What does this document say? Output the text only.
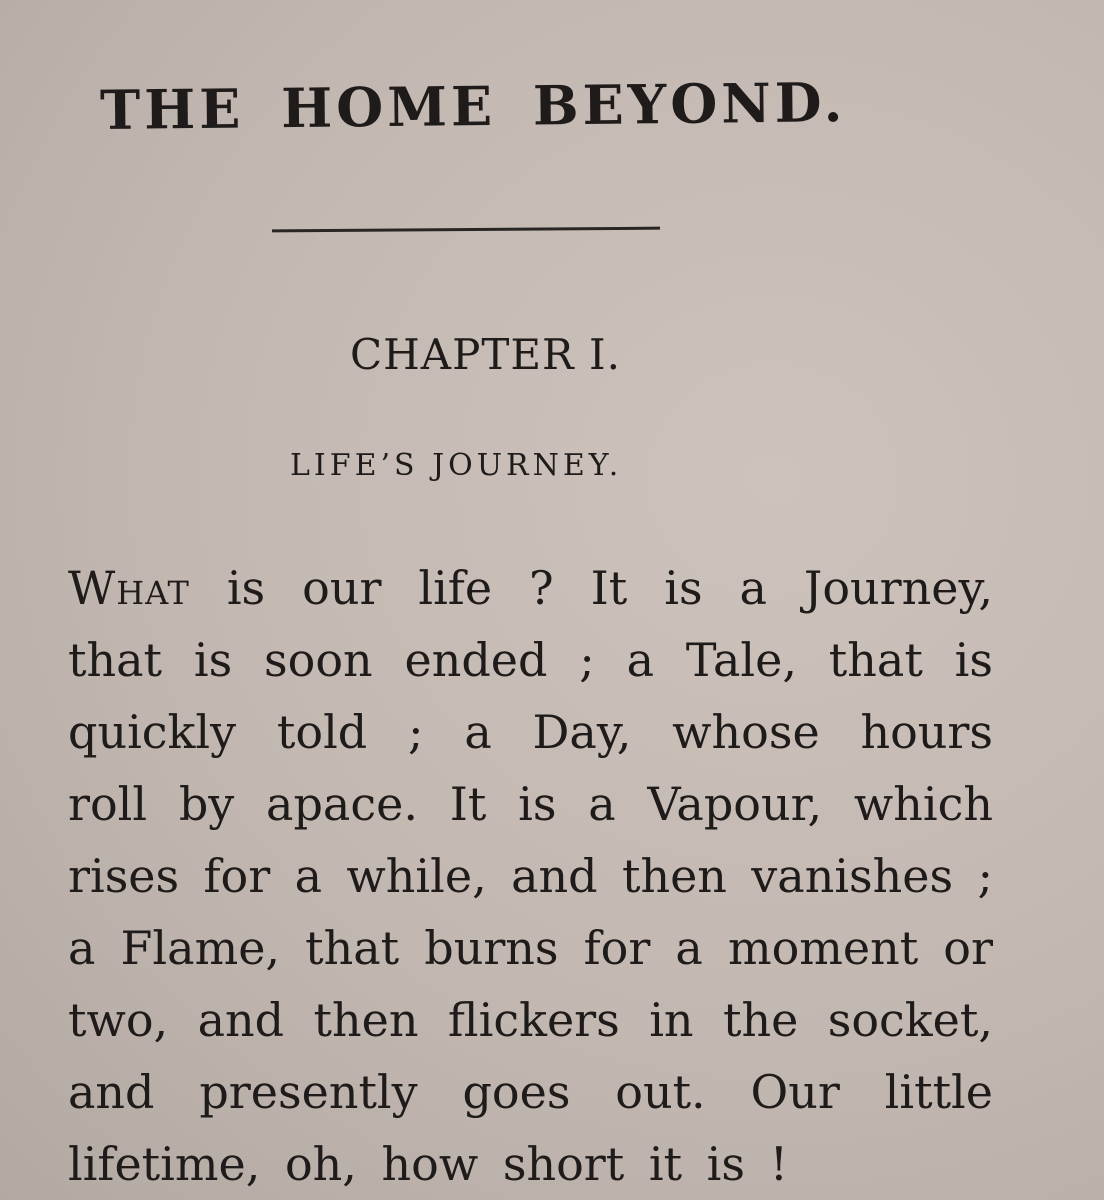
THE HOME BEYOND.
CHAPTER I.
LIFE’S JOURNEY.

What is our life ? It is a Journey,
that is soon ended ; a Tale, that is
quickly told ; a Day, whose hours
roll by apace. It is a Vapour, which
rises for a while, and then vanishes ;
a Flame, that burns for a moment or
two, and then flickers in the socket,
and presently goes out. Our little
lifetime, oh, how short it is !
